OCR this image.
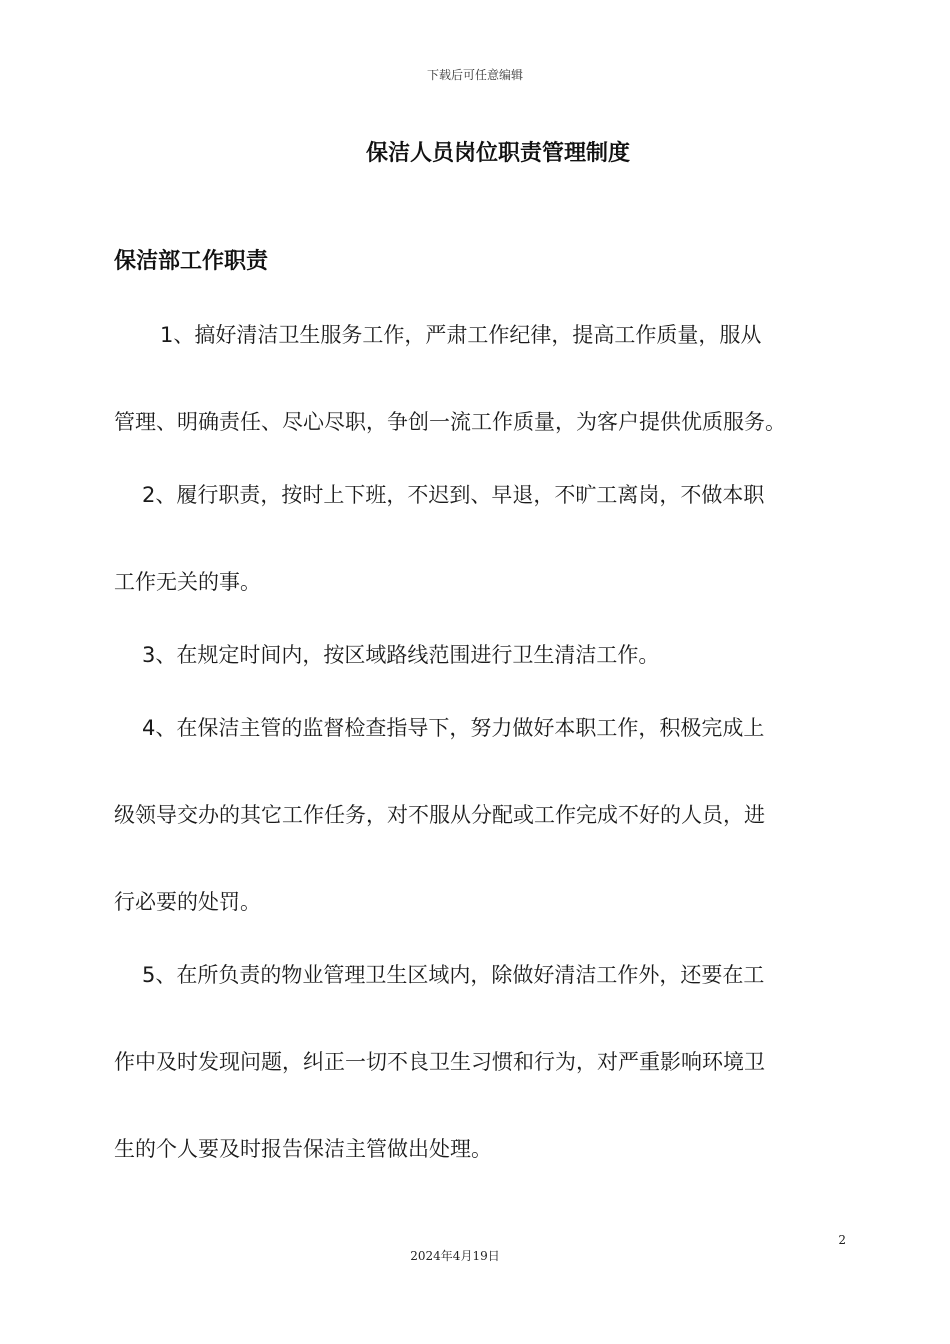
下载后可任意编辑
保洁人员岗位职责管理制度
保洁部工作职责
1、搞好清洁卫生服务工作，严肃工作纪律，提高工作质量，服从
管理、明确责任、尽心尽职，争创一流工作质量，为客户提供优质服务。
2、履行职责，按时上下班，不迟到、早退，不旷工离岗，不做本职
工作无关的事。
3、在规定时间内，按区域路线范围进行卫生清洁工作。
4、在保洁主管的监督检查指导下，努力做好本职工作，积极完成上
级领导交办的其它工作任务，对不服从分配或工作完成不好的人员，进
行必要的处罚。
5、在所负责的物业管理卫生区域内，除做好清洁工作外，还要在工
作中及时发现问题，纠正一切不良卫生习惯和行为，对严重影响环境卫
生的个人要及时报告保洁主管做出处理。
2
2024年4月19日
